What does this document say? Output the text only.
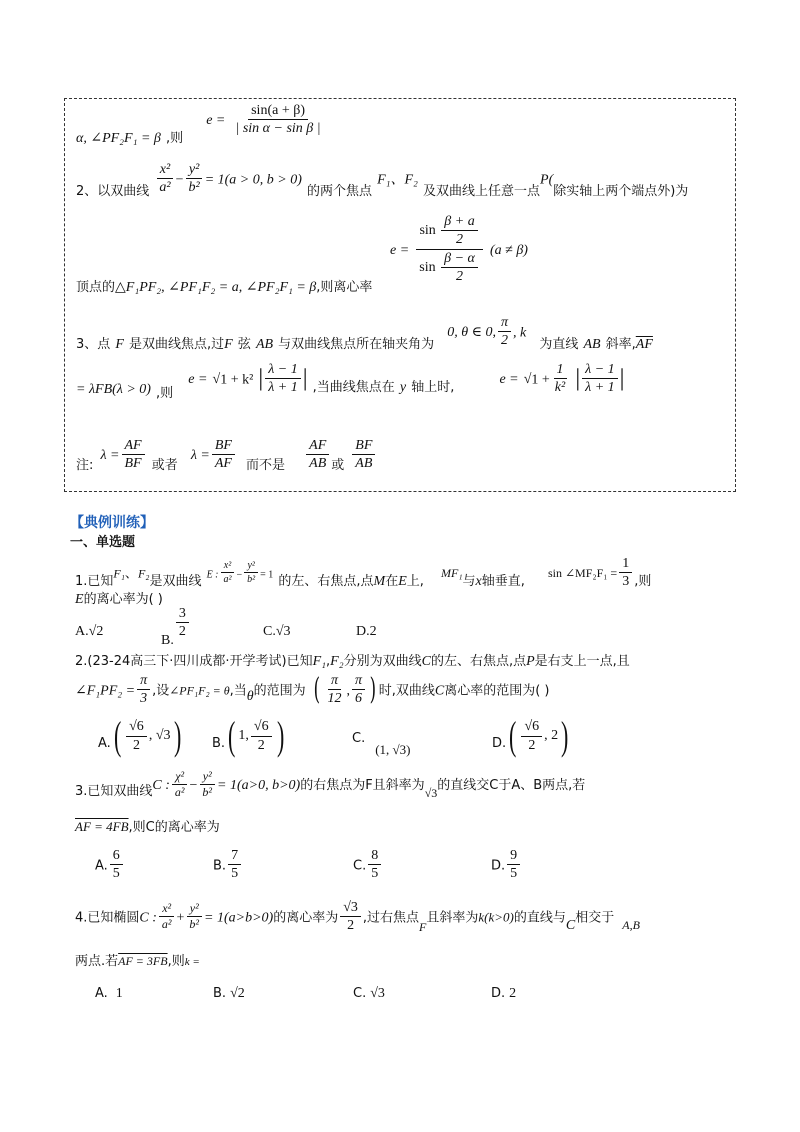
α, ∠PF₂F₁ = β $_{,则}$ $e = \frac{\sin(a + \beta)}{\text{| sin α − sin β |}}$
$_{2、以双曲线} \frac{\text{x²}}{\text{a²}} - \frac{\text{y²}}{\text{b²}} = 1(a > 0$, b > 0) $_{的两个焦点}$ F₁、F₂ $_{及双曲线上任意一点}P(_{除实轴上两个端点外)为}$
$e = \frac{\sin \frac{\beta + a}{2}}{\sin \frac{\beta - \alpha}{2}} (a \ne \beta)$
顶点的△F₁PF₂, ∠PF₁F₂ = a, ∠PF₂F₁ = β,则离心率
$_{3、点}$ F $_{是双曲线焦点,过}$F $_弦$ AB $_{与双曲线焦点所在轴夹角为}$ 0, θ ∈ 0, $\frac{\pi}{2}$ , k $_{为直线}$ AB $_{斜率,}\overline{AF}$
= λFB(λ > 0) $_{,则}$ e = √ 1 + k² | $\frac{\lambda - 1}{\lambda + 1}$ | $_{,当曲线焦点在}$ y $_{轴上时,}$ e = √ $1 + \frac{1}{\text{k²}}$ | $\frac{\lambda - 1}{\lambda + 1}$ |
$_{注:}$ $\lambda = \frac{AF}{BF} _{或者}$ $\lambda = \frac{BF}{AF} _{而不是} \frac{AF}{AB} _或 \frac{BF}{AB}$
【典例训练】
一、单选题
$_{1.已知}$F₁、$F_2_{是双曲线}$ E : $\frac{\text{x²}}{\text{a²}} - \frac{\text{y²}}{\text{b²}} = 1$ $_{的左、右焦点,点}M_在E_{上,}$ $MF_1_与x_{轴垂直,}$ sin ∠MF₂F₁ = $\frac{1}{3} _{,则}$
E的离心率为( )
A. √ 2
B.
$\frac{3}{2}$	C. √ 3	D.2
2.(23-24高三下·四川成都·开学考试)已知F₁,F₂分别为双曲线C的左、右焦点,点P是右支上一点,且
∠F₁PF₂ = $\frac{\pi}{3}$ ,设∠PF₁F₂ = θ,当θ的范围为 ( $\frac{\pi}{12}$ , $\frac{\pi}{6}$ ) 时,双曲线C离心率的范围为( )
$A.( \frac{√6}{2}$ , √3) B.( 1, $\frac{√6}{2}$ )	C.(1, √3)	$D.( \frac{√6}{2}$ , 2)
$_{3.已知双曲线}$C : $\frac{\text{χ²}}{\text{a²}} - \frac{\text{y²}}{\text{b²}} = 1(a>0$, b>0)的右焦点为F且斜率为$_{√3}$的直线交C于A、B两点,若
AF = 4FB,则C的离心率为
A. $\frac{6}{5}$	B. $\frac{7}{5}$	C. $\frac{8}{5}$	D. $\frac{9}{5}$
4.已知椭圆C : $\frac{\text{x²}}{\text{a²}} + \frac{\text{y²}}{\text{b²}} = 1(a>b>0)$的离心率为 $\frac{√3}{2}$ ,过右焦点$_F$且斜率为k(k>0)的直线与C相交于 $_{A,B}$
两点.若AF = 3FB,则k =
A. 1	B. √2	C. √3	D. 2
